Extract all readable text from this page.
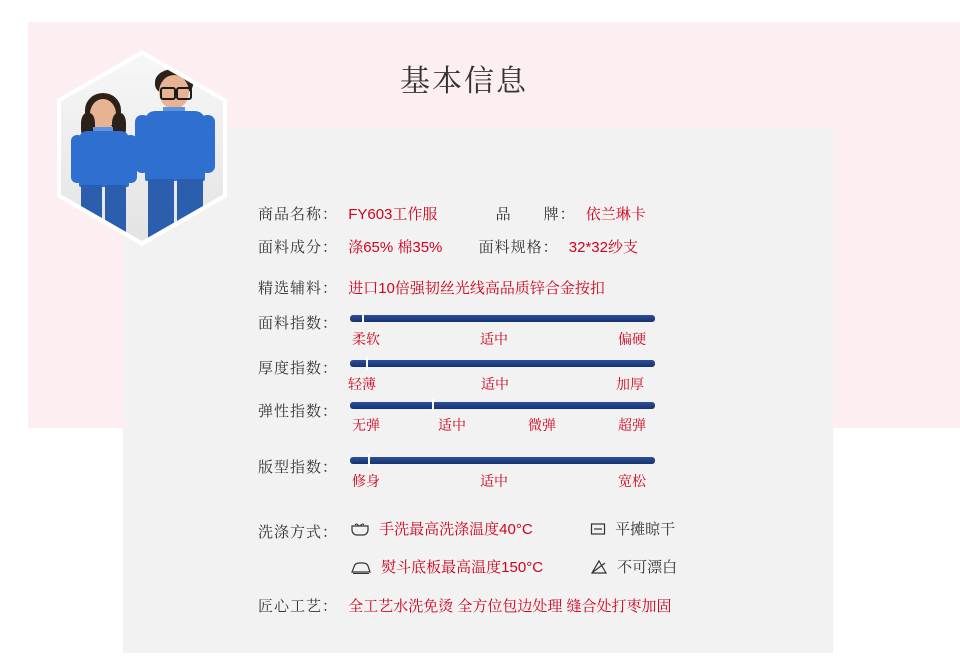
基本信息
商品名称： FY603工作服	品　　牌： 依兰琳卡
面料成分： 涤65% 棉35% 面料规格： 32*32纱支
精选辅料： 进口10倍强韧丝光线高品质锌合金按扣
面料指数：
柔软	适中	偏硬
厚度指数：
轻薄	适中	加厚
弹性指数：
无弹	适中	微弹	超弹
版型指数：
修身	适中	宽松
洗涤方式：	手洗最高洗涤温度40°C	平摊晾干
熨斗底板最高温度150°C	不可漂白
匠心工艺： 全工艺水洗免烫 全方位包边处理 缝合处打枣加固
